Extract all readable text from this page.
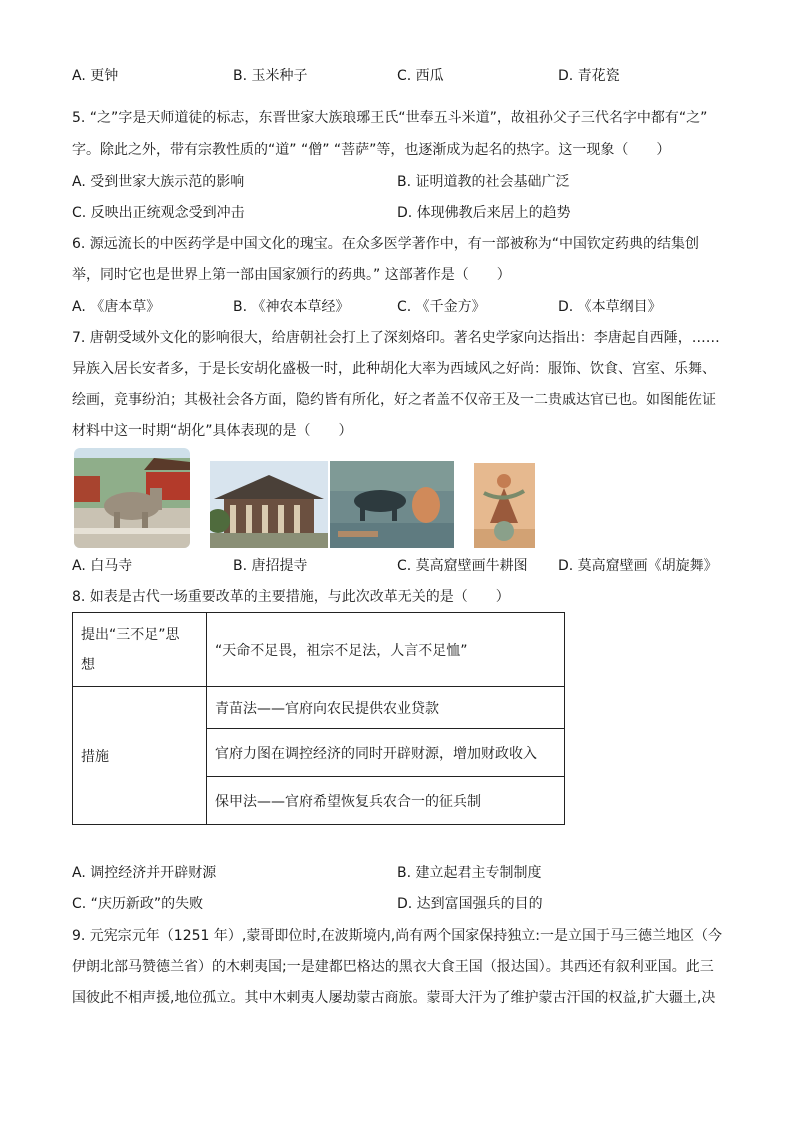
A. 更钟	B. 玉米种子	C. 西瓜	D. 青花瓷
5. “之”字是天师道徒的标志，东晋世家大族琅琊王氏“世奉五斗米道”，故祖孙父子三代名字中都有“之”
字。除此之外，带有宗教性质的“道” “僧” “菩萨”等，也逐渐成为起名的热字。这一现象（　　）
A. 受到世家大族示范的影响	B. 证明道教的社会基础广泛
C. 反映出正统观念受到冲击	D. 体现佛教后来居上的趋势
6. 源远流长的中医药学是中国文化的瑰宝。在众多医学著作中，有一部被称为“中国钦定药典的结集创
举，同时它也是世界上第一部由国家颁行的药典。” 这部著作是（　　）
A. 《唐本草》	B. 《神农本草经》	C. 《千金方》	D. 《本草纲目》
7. 唐朝受域外文化的影响很大，给唐朝社会打上了深刻烙印。著名史学家向达指出：李唐起自西陲，……
异族入居长安者多，于是长安胡化盛极一时，此种胡化大率为西域风之好尚：服饰、饮食、宫室、乐舞、
绘画，竞事纷泊；其极社会各方面，隐约皆有所化，好之者盖不仅帝王及一二贵戚达官已也。如图能佐证
材料中这一时期“胡化”具体表现的是（　　）
A. 白马寺	B. 唐招提寺	C. 莫高窟壁画牛耕图 D. 莫高窟壁画《胡旋舞》
8. 如表是古代一场重要改革的主要措施，与此次改革无关的是（　　）
提出“三不足”思
想	“天命不足畏，祖宗不足法，人言不足恤”
措施	青苗法——官府向农民提供农业贷款
	官府力图在调控经济的同时开辟财源，增加财政收入
	保甲法——官府希望恢复兵农合一的征兵制
A. 调控经济并开辟财源	B. 建立起君主专制制度
C. “庆历新政”的失败	D. 达到富国强兵的目的
9. 元宪宗元年（1251 年）,蒙哥即位时,在波斯境内,尚有两个国家保持独立:一是立国于马三德兰地区（今
伊朗北部马赞德兰省）的木剌夷国;一是建都巴格达的黑衣大食王国（报达国）。其西还有叙利亚国。此三
国彼此不相声援,地位孤立。其中木剌夷人屡劫蒙古商旅。蒙哥大汗为了维护蒙古汗国的权益,扩大疆土,决
